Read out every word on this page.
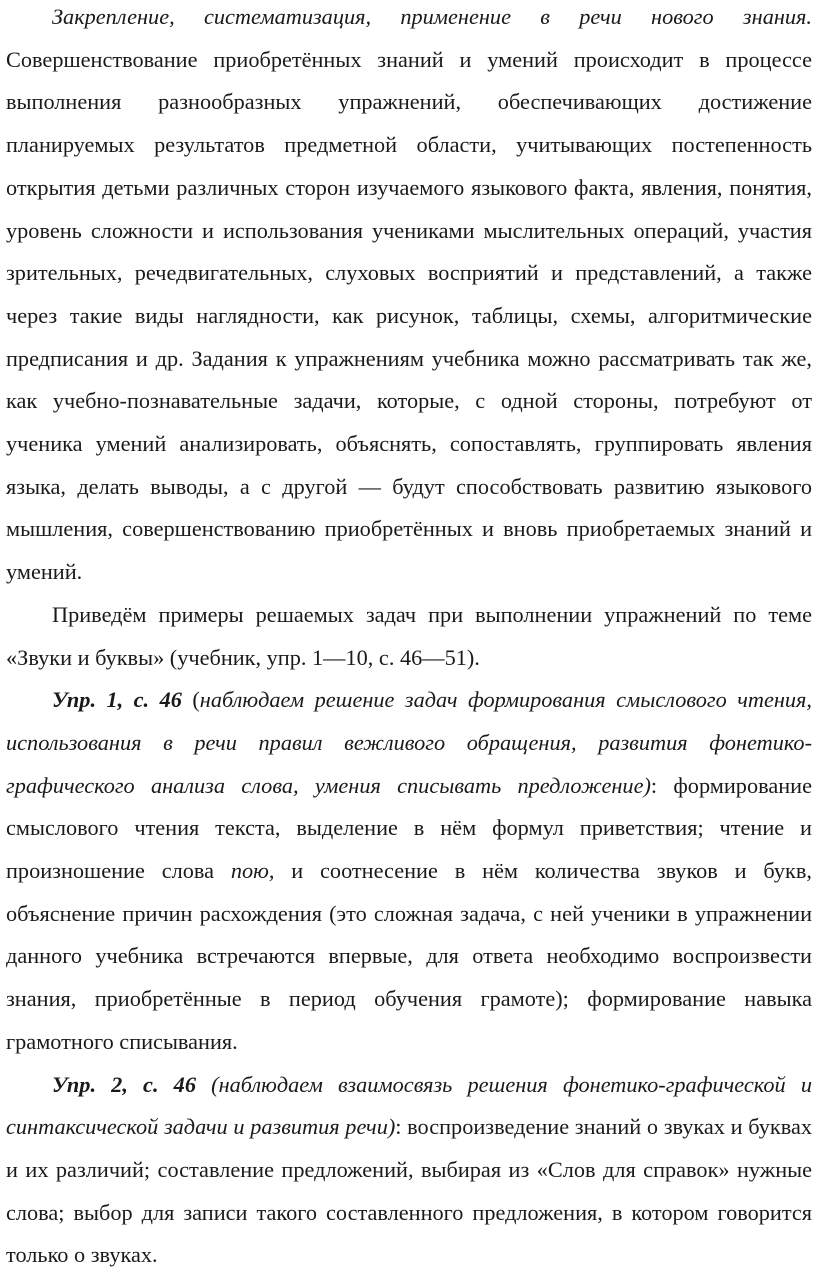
Закрепление, систематизация, применение в речи нового знания. Совершенствование приобретённых знаний и умений происходит в процессе выполнения разнообразных упражнений, обеспечивающих достижение планируемых результатов предметной области, учитывающих постепенность открытия детьми различных сторон изучаемого языкового факта, явления, понятия, уровень сложности и использования учениками мыслительных операций, участия зрительных, речедвигательных, слуховых восприятий и представлений, а также через такие виды наглядности, как рисунок, таблицы, схемы, алгоритмические предписания и др. Задания к упражнениям учебника можно рассматривать так же, как учебно-познавательные задачи, которые, с одной стороны, потребуют от ученика умений анализировать, объяснять, сопоставлять, группировать явления языка, делать выводы, а с другой — будут способствовать развитию языкового мышления, совершенствованию приобретённых и вновь приобретаемых знаний и умений.

Приведём примеры решаемых задач при выполнении упражнений по теме «Звуки и буквы» (учебник, упр. 1—10, с. 46—51).

Упр. 1, с. 46 (наблюдаем решение задач формирования смыслового чтения, использования в речи правил вежливого обращения, развития фонетико-графического анализа слова, умения списывать предложение): формирование смыслового чтения текста, выделение в нём формул приветствия; чтение и произношение слова пою, и соотнесение в нём количества звуков и букв, объяснение причин расхождения (это сложная задача, с ней ученики в упражнении данного учебника встречаются впервые, для ответа необходимо воспроизвести знания, приобретённые в период обучения грамоте); формирование навыка грамотного списывания.

Упр. 2, с. 46 (наблюдаем взаимосвязь решения фонетико-графической и синтаксической задачи и развития речи): воспроизведение знаний о звуках и буквах и их различий; составление предложений, выбирая из «Слов для справок» нужные слова; выбор для записи такого составленного предложения, в котором говорится только о звуках.
